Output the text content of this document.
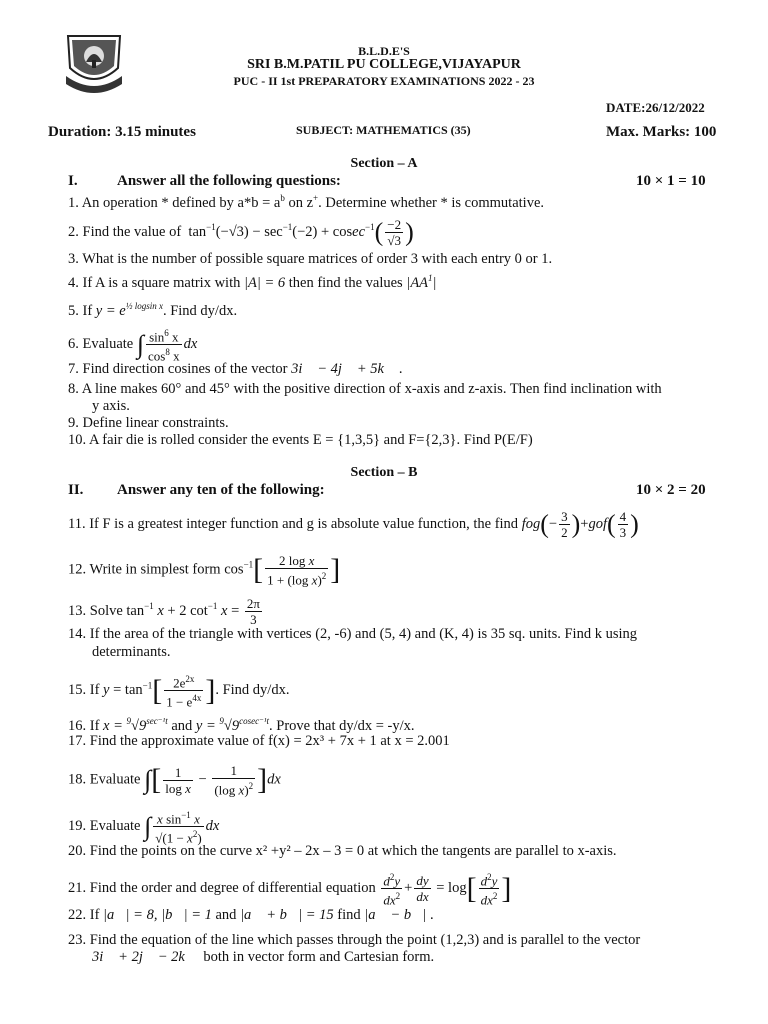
B.L.D.E'S
SRI B.M.PATIL PU COLLEGE,VIJAYAPUR
PUC - II 1st PREPARATORY EXAMINATIONS 2022 - 23
DATE:26/12/2022
Duration: 3.15 minutes	SUBJECT: MATHEMATICS (35)	Max. Marks: 100
Section – A
I.	Answer all the following questions:	10 × 1 = 10
1. An operation * defined by $a*b = a^b$ on z+. Determine whether * is commutative.
2. Find the value of $\tan^{-1}(-√3) - \sec^{-1}(-2) + cosec^{-1}( \frac{-2}{√3}$ )
3. What is the number of possible square matrices of order 3 with each entry 0 or 1.
4. If A is a square matrix with |A| = 6 then find the values $|AA^1|$
5. If $y = e^{\frac{1}{2} logsin x}$. Find dy/dx.
6. Evaluate ∫ $\frac{\sin^6 x}{\cos^8 x}$ dx
7. Find direction cosines of the vector 3i⃗ − 4j⃗ + 5k⃗ .
8. A line makes 60° and 45° with the positive direction of x-axis and z-axis. Then find inclination with
y axis.
9. Define linear constraints.
10. A fair die is rolled consider the events E = {1,3,5} and F={2,3}. Find P(E/F)
Section – B
II. Answer any ten of the following:	10 × 2 = 20
11. If F is a greatest integer function and g is absolute value function, the find $fog(- \frac{3}{2} )+gof( \frac{4}{3}$ )
12. Write in simplest form $\cos^{-1}[ \frac{\text{2 log x}}{1 + (\log x)^2}$ ]
13. Solve $\tan^{-1} x + 2$ $\cot^{-1} x = \frac{2\pi}{3}$
14. If the area of the triangle with vertices (2, -6) and (5, 4) and (K, 4) is 35 sq. units. Find k using
determinants.
15. If $y = \tan^{-1}[ \frac{2e^{2x}}{1 - e^{4x}}$ ]. Find dy/dx.
16. If $x = ^9√9^{sec^{-1}t}$ and $y = ^9√9^{cosec^{-1}t}$. Prove that dy/dx = -y/x.
17. Find the approximate value of f(x) = 2x³ + 7x + 1 at x = 2.001
18. Evaluate ∫[ $\frac{1}{\text{log x}} - \frac{1}{(\log x)^2} ]dx$
19. Evaluate ∫ $\frac{x \sin^{-1} x}{√(1 - x^2)}$ dx
20. Find the points on the curve x² +y² – 2x – 3 = 0 at which the tangents are parallel to x-axis.
21. Find the order and degree of differential equation $\frac{d^2y}{dx^2} + \frac{dy}{dx} = \log[ \frac{d^2y}{dx^2}$ ]
22. If |a⃗| = 8, |b⃗| = 1 and |a⃗ + b⃗| = 15 find |a⃗ − b⃗| .
23. Find the equation of the line which passes through the point (1,2,3) and is parallel to the vector
3i⃗ + 2j⃗ − 2k⃗ both in vector form and Cartesian form.
